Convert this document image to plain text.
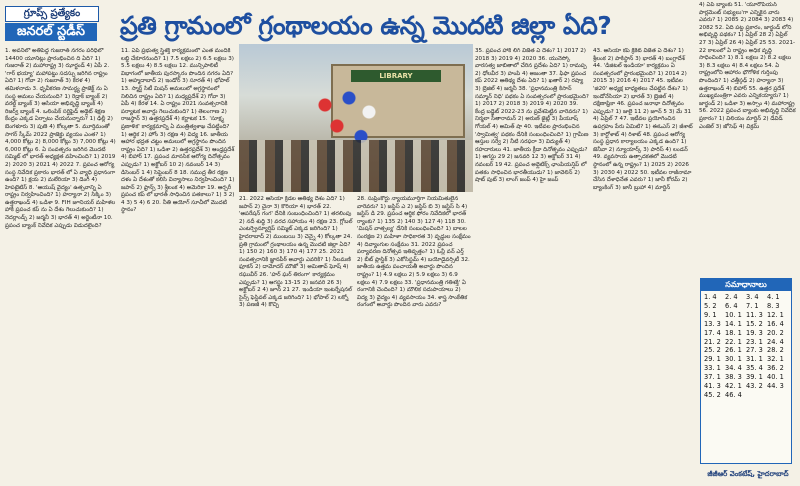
గ్రూప్స్ ప్రత్యేకం
జనరల్ స్టడీస్	ప్రతి గ్రామంలో గ్రంథాలయం ఉన్న మొదటి జిల్లా ఏది?
LIBRARY

1. అవనిలో అతిపెద్ద గుజరాత్ నగరం పరిధిలో 14400 యూనిట్లు ప్రారంభించిన ది ఏది? 1) గుజరాత్ 2) మహారాష్ట్ర 3) ఝార్ఖండ్ 4) ఏపీ 2. 'గార్ భయ్యా' మహాపట్టు సదస్సు జరిగిన రాష్ట్రం ఏది? 1) గోవా 2) గుజరాత్ 3) కేరళ 4) తమిళనాడు 3. ధృవీకరణ సామర్థ్య ప్రాజెక్ట్ ను ఏ సంస్థ అమలు చేయనుంది? 1) రెడ్రాక్ బ్యాంక్ 2) వరల్డ్ బ్యాంక్ 3) ఆసియా అభివృద్ధి బ్యాంక్ 4) రిజర్వ్ బ్యాంక్ 4. ఒలింపిక్ సర్టిఫైడ్ అథ్లెట్ శిక్షణ కేంద్రం ఎక్కడ ఏర్పాటు చేయనున్నారు? 1) ఢిల్లీ 2) బెంగళూరు 3) పుణె 4) కోల్కతా 5. మూర్తిమంతో సాగర్ స్కీమ్ 2022 ప్రాజెక్టు వ్యయం ఎంత? 1) 4,000 కోట్లు 2) 8,000 కోట్లు 3) 7,000 కోట్లు 4) 6,000 కోట్లు 6. ఏ సంవత్సరం జరిగిన మొదటి సమ్మిట్ లో భారత్ అధ్యక్షత వహించింది? 1) 2019 2) 2020 3) 2021 4) 2022 7. ప్రపంచ ఆరోగ్య సంస్థ నివేదిక ప్రకారం భారత్ లో ఏ వ్యాధి ప్రధానంగా ఉంది? 1) క్షయ 2) మలేరియా 3) డెంగీ 4) హెపటైటిస్ 8. 'ఆయుష్ వైద్యం' ఉత్సవాన్ని ఏ రాష్ట్రం నిర్వహించింది? 1) హర్యానా 2) సిక్కిం 3) ఉత్తరాఖండ్ 4) ఒడిశా 9. FIH జూనియర్ మహిళల హాకీ ప్రపంచ కప్ ను ఏ దేశం గెలుచుకుంది? 1) నెదర్లాండ్స్ 2) జర్మనీ 3) భారత్ 4) అర్జెంటీనా 10. ప్రపంచ బ్యాంక్ నివేదిక ఎప్పుడు విడుదలైంది?

11. ఏపీ ప్రభుత్వ స్త్రీశక్తి కార్యక్రమంలో ఎంత మందికి లబ్ధి చేకూరనుంది? 1) 7.5 లక్షలు 2) 6.5 లక్షలు 3) 5.5 లక్షలు 4) 8.5 లక్షలు 12. మున్సిపాలిటీ విభాగంలో జాతీయ పురస్కారం పొందిన నగరం ఏది? 1) అహ్మదాబాద్ 2) ఇండోర్ 3) సూరత్ 4) భోపాల్ 13. స్మార్ట్ సిటీ మిషన్ అమలులో అగ్రస్థానంలో నిలిచిన రాష్ట్రం ఏది? 1) మధ్యప్రదేశ్ 2) గోవా 3) ఏపీ 4) కేరళ 14. ఏ రాష్ట్రం 2021 సంవత్సరానికి పర్యాటక అవార్డు గెలుచుకుంది? 1) తెలంగాణ 2) రాజస్థాన్ 3) ఉత్తరప్రదేశ్ 4) కర్ణాటక 15. 'సూక్ష్మ ప్రణాళిక' కార్యక్రమాన్ని ఏ మంత్రిత్వశాఖ చేపట్టింది? 1) ఆర్థిక 2) హోం 3) రక్షణ 4) విద్య 16. జాతీయ ఆహార భద్రత చట్టం అమలులో అగ్రస్థానం పొందిన రాష్ట్రం ఏది? 1) ఒడిశా 2) ఉత్తరప్రదేశ్ 3) ఆంధ్రప్రదేశ్ 4) బిహార్ 17. ప్రపంచ మానసిక ఆరోగ్య దినోత్సవం ఎప్పుడు? 1) అక్టోబర్ 10 2) నవంబర్ 14 3) డిసెంబర్ 1 4) సెప్టెంబర్ 8 18. సముద్ర తీర రక్షణ దళం ఏ దేశంతో కలిసి విన్యాసాలు నిర్వహించింది? 1) జపాన్ 2) ఫ్రాన్స్ 3) శ్రీలంక 4) అమెరికా 19. ఆర్చరీ ప్రపంచ కప్ లో భారత్ సాధించిన పతకాలు? 1) 3 2) 4 3) 5 4) 6 20. నీతి ఆయోగ్ సూచీలో మొదటి స్థానం?

21. 2022 ఆసియా క్రీడల ఆతిథ్య దేశం ఏది? 1) జపాన్ 2) చైనా 3) కొరియా 4) భారత్ 22. 'ఆపరేషన్ గంగ' దేనికి సంబంధించింది? 1) తరలింపు 2) నదీ శుద్ధి 3) వరద సహాయం 4) రక్షణ 23. గ్లోబల్ ఎంటర్ప్రెన్యూర్షిప్ సమ్మిట్ ఎక్కడ జరిగింది? 1) హైదరాబాద్ 2) ముంబయి 3) చెన్నై 4) కోల్కతా 24. ప్రతి గ్రామంలో గ్రంథాలయం ఉన్న మొదటి జిల్లా ఏది? 1) 150 2) 160 3) 170 4) 177 25. 2021 సంవత్సరానికి జ్ఞానపీఠ్ అవార్డు ఎవరికి? 1) నీలమణి ఫూకన్ 2) దామోదర్ మౌజో 3) అమితావ్ ఘోష్ 4) రఘువీర్ 26. 'హర్ ఘర్ తిరంగా' కార్యక్రమం ఎప్పుడు? 1) ఆగస్టు 13-15 2) జనవరి 26 3) అక్టోబర్ 2 4) జూన్ 21 27. ఇండియా ఇంటర్నేషనల్ సైన్స్ ఫెస్టివల్ ఎక్కడ జరిగింది? 1) భోపాల్ 2) లక్నో 3) పణజీ 4) కొచ్చి

28. సుప్రీంకోర్టు న్యాయమూర్తిగా నియమితులైన వారెవరు? 1) జస్టిస్ ఎ 2) జస్టిస్ బి 3) జస్టిస్ సి 4) జస్టిస్ డి 29. ప్రపంచ ఆర్థిక ఫోరం నివేదికలో భారత్ ర్యాంకు? 1) 135 2) 140 3) 127 4) 118 30. 'మిషన్ వాత్సల్య' దేనికి సంబంధించింది? 1) బాలల సంరక్షణ 2) మహిళా సాధికారత 3) వృద్ధుల సంక్షేమం 4) దివ్యాంగుల సంక్షేమం 31. 2022 ప్రపంచ పర్యావరణ దినోత్సవ ఇతివృత్తం? 1) ఓన్లీ వన్ ఎర్త్ 2) బీట్ ప్లాస్టిక్ 3) ఎకోసిస్టమ్ 4) బయోడైవర్సిటీ 32. జాతీయ ఉత్తమ పంచాయతీ అవార్డు పొందిన రాష్ట్రం? 1) 4.9 లక్షలు 2) 5.9 లక్షలు 3) 6.9 లక్షలు 4) 7.9 లక్షలు 33. 'ప్రధానమంత్రి గతిశక్తి' ఏ రంగానికి చెందింది? 1) మౌలిక సదుపాయాలు 2) విద్య 3) వైద్యం 4) వ్యవసాయం 34. శాస్త్ర సాంకేతిక రంగంలో అవార్డు పొందిన వారు ఎవరు?

35. ప్రపంచ హాకీ లీగ్ విజేత ఏ దేశం? 1) 2017 2) 2018 3) 2019 4) 2020 36. యునెస్కో వారసత్వ జాబితాలో చేరిన ప్రదేశం ఏది? 1) రామప్ప 2) ధోలవీర 3) హంపి 4) అజంతా 37. ఫిఫా ప్రపంచ కప్ 2022 ఆతిథ్య దేశం ఏది? 1) ఖతార్ 2) రష్యా 3) బ్రెజిల్ 4) జర్మనీ 38. 'ప్రధానమంత్రి కిసాన్ సమ్మాన్ నిధి' పథకం ఏ సంవత్సరంలో ప్రారంభమైంది? 1) 2017 2) 2018 3) 2019 4) 2020 39. కేంద్ర బడ్జెట్ 2022-23 ను ప్రవేశపెట్టిన వారెవరు? 1) నిర్మలా సీతారామన్ 2) అరుణ్ జైట్లీ 3) పీయూష్ గోయల్ 4) అమిత్ షా 40. ఇటీవల ప్రారంభించిన 'స్వామిత్వ' పథకం దేనికి సంబంధించింది? 1) గ్రామీణ ఆస్తుల సర్వే 2) నీటి సరఫరా 3) విద్యుత్ 4) రహదారులు 41. జాతీయ క్రీడా దినోత్సవం ఎప్పుడు? 1) ఆగస్టు 29 2) జనవరి 12 3) అక్టోబర్ 31 4) నవంబర్ 19 42. ప్రపంచ అథ్లెటిక్స్ ఛాంపియన్షిప్ లో పతకం సాధించిన భారతీయుడు? 1) జావెలిన్ 2) షాట్ పుట్ 3) లాంగ్ జంప్ 4) హై జంప్

43. ఆసియా కప్ క్రికెట్ విజేత ఏ దేశం? 1) శ్రీలంక 2) పాకిస్థాన్ 3) భారత్ 4) బంగ్లాదేశ్ 44. 'డిజిటల్ ఇండియా' కార్యక్రమం ఏ సంవత్సరంలో ప్రారంభమైంది? 1) 2014 2) 2015 3) 2016 4) 2017 45. ఇటీవల 'జి20' అధ్యక్ష బాధ్యతలు చేపట్టిన దేశం? 1) ఇండోనేసియా 2) భారత్ 3) బ్రెజిల్ 4) దక్షిణాఫ్రికా 46. ప్రపంచ జనాభా దినోత్సవం ఎప్పుడు? 1) జులై 11 2) జూన్ 5 3) మే 31 4) ఏప్రిల్ 7 47. ఇటీవల ప్రయోగించిన ఉపగ్రహం పేరు ఏమిటి? 1) ఈఓఎస్ 2) జీశాట్ 3) కార్టోశాట్ 4) రిశాట్ 48. ప్రపంచ ఆరోగ్య సంస్థ ప్రధాన కార్యాలయం ఎక్కడ ఉంది? 1) జెనీవా 2) న్యూయార్క్ 3) పారిస్ 4) లండన్ 49. వ్యవసాయ ఉత్పాదకతలో మొదటి స్థానంలో ఉన్న రాష్ట్రం? 1) 2025 2) 2026 3) 2030 4) 2022 50. ఇటీవల రాజీనామా చేసిన దేశాధినేత ఎవరు? 1) జానీ కోరమ్ 2) బ్యాంకింగ్ 3) జానీ బ్రుహా 4) మార్టిన్

4) ఏపీ బ్యాంకు 51. 'యూరోపియన్ పార్లమెంట్ సభ్యులు'గా ఎన్నికైన వారు ఎవరు? 1) 2085 2) 2084 3) 2083 4) 2082 52. ఏది పట్ట ప్రకారం, జార్ఖండ్ లోని అభివృద్ధి పథకం? 1) ఏప్రిల్ 28 2) ఏప్రిల్ 27 3) ఏప్రిల్ 26 4) ఏప్రిల్ 25 53. 2021-22 కాలంలో ఏ రాష్ట్రం అధిక వృద్ధి సాధించింది? 1) 8.1 లక్షలు 2) 8.2 లక్షలు 3) 8.3 లక్షలు 4) 8.4 లక్షలు 54. ఏ రాష్ట్రంలోని ఆహారం భౌగోళిక గుర్తింపు పొందింది? 1) చత్తీస్గఢ్ 2) హర్యానా 3) ఉత్తరాఖండ్ 4) బిహార్ 55. ఉత్తర ప్రదేశ్ ముఖ్యమంత్రిగా ఎవరు ఎన్నికయ్యారు? 1) జార్ఖండ్ 2) ఒడిశా 3) అస్సాం 4) మహారాష్ట్ర 56. 2022 ప్రపంచ బ్యాంకు అభివృద్ధి నివేదిక ప్రకారం? 1) విలియం మార్టిన్ 2) డేవిడ్ ఎంజెల్ 3) జోసెఫ్ 4) విక్రమ్

సమాధానాలు
1. 4	2. 4	3. 4	4. 1
5. 2	6. 4	7. 1	8. 3
9. 1	10. 1 11. 3 12. 1
13. 3 14. 1 15. 2 16. 4
17. 4 18. 1 19. 3 20. 2
21. 2 22. 1 23. 1 24. 4
25. 2 26. 1 27. 3 28. 2
29. 1 30. 1 31. 1 32. 1
33. 1 34. 4 35. 4 36. 2
37. 1 38. 3 39. 1 40. 1
41. 3 42. 1 43. 2 44. 3
45. 2 46. 4
జీజీఆర్ వెంకటేష్, హైదరాబాద్
